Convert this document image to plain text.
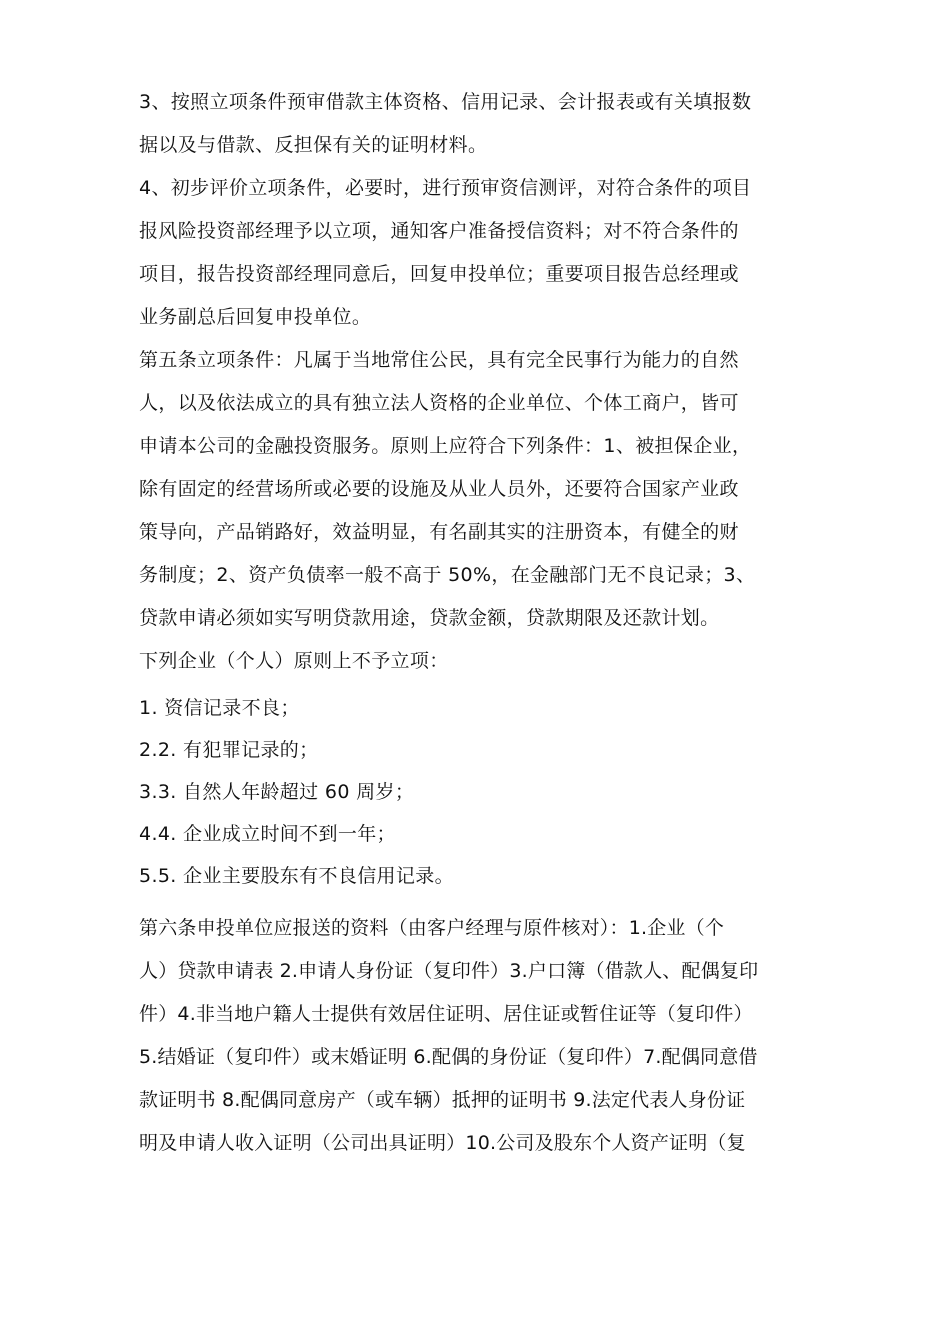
3、按照立项条件预审借款主体资格、信用记录、会计报表或有关填报数
据以及与借款、反担保有关的证明材料。
4、初步评价立项条件，必要时，进行预审资信测评，对符合条件的项目
报风险投资部经理予以立项，通知客户准备授信资料；对不符合条件的
项目，报告投资部经理同意后，回复申投单位；重要项目报告总经理或
业务副总后回复申投单位。
第五条立项条件：凡属于当地常住公民，具有完全民事行为能力的自然
人，以及依法成立的具有独立法人资格的企业单位、个体工商户，皆可
申请本公司的金融投资服务。原则上应符合下列条件：1、被担保企业，
除有固定的经营场所或必要的设施及从业人员外，还要符合国家产业政
策导向，产品销路好，效益明显，有名副其实的注册资本，有健全的财
务制度；2、资产负债率一般不高于 50%，在金融部门无不良记录；3、
贷款申请必须如实写明贷款用途，贷款金额，贷款期限及还款计划。
下列企业（个人）原则上不予立项：
1. 资信记录不良；
2.2. 有犯罪记录的；
3.3. 自然人年龄超过 60 周岁；
4.4. 企业成立时间不到一年；
5.5. 企业主要股东有不良信用记录。
第六条申投单位应报送的资料（由客户经理与原件核对）：1.企业（个
人）贷款申请表 2.申请人身份证（复印件）3.户口簿（借款人、配偶复印
件）4.非当地户籍人士提供有效居住证明、居住证或暂住证等（复印件）
5.结婚证（复印件）或末婚证明 6.配偶的身份证（复印件）7.配偶同意借
款证明书 8.配偶同意房产（或车辆）抵押的证明书 9.法定代表人身份证
明及申请人收入证明（公司出具证明）10.公司及股东个人资产证明（复
